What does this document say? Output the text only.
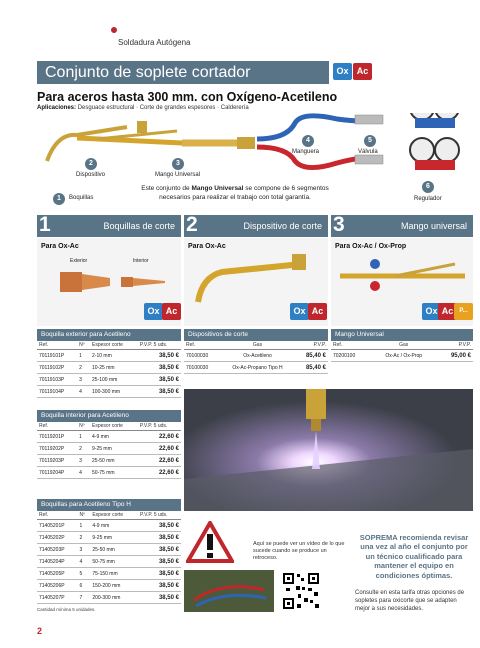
Soldadura Autógena
Conjunto de soplete cortador	Ox Ac
Para aceros hasta 300 mm. con Oxígeno-Acetileno
Aplicaciones: Desguace estructural · Corte de grandes espesores · Calderería
1	Boquillas
2
Dispositivo
3
Mango Universal
4
Manguera
5
Válvula
6
Regulador
Este conjunto de Mango Universal se compone de 6 segmentos necesarios para realizar el trabajo con total garantía.
1	Boquillas de corte 2	Dispositivo de corte 3	Mango universal
Para Ox-Ac
Exterior	Interior
Ox Ac
Para Ox-Ac
Ox Ac
Para Ox-Ac / Ox-Prop
Ox Ac	P...
Boquilla exterior para Acetileno
Ref.	Nº	Espesor corte	P.V.P. 5 uds.
70119101P	1	2-10 mm	38,50 €
70119102P	2	10-25 mm	38,50 €
70119103P	3	25-100 mm	38,50 €
70119104P	4	100-300 mm	38,50 €
Boquilla interior para Acetileno
Ref.	Nº	Espesor corte	P.V.P. 5 uds.
70119201P	1	4-9 mm	22,60 €
70119202P	2	9-25 mm	22,60 €
70119203P	3	25-50 mm	22,60 €
70119204P	4	50-75 mm	22,60 €
Boquillas para Acetileno Tipo H
Ref.	Nº	Espesor corte	P.V.P. 5 uds.
71405201P	1	4-9 mm	38,50 €
71405202P	2	9-25 mm	38,50 €
71405203P	3	25-50 mm	38,50 €
71405204P	4	50-75 mm	38,50 €
71405205P	5	75-150 mm	38,50 €
71405206P	6	150-200 mm	38,50 €
71405207P	7	200-300 mm	38,50 €
Cantidad mínima 5 unidades.
Dispositivos de corte
Ref.	Gas	P.V.P.
70100030	Ox-Acetileno	85,40 €
70100030	Ox-Ac-Propano Tipo H	85,40 €
Mango Universal
Ref.	Gas	P.V.P.
70200100	Ox-Ac / Ox-Prop	95,00 €
Aquí se puede ver un vídeo de lo que sucede cuando se produce un retroceso.
SOPREMA recomienda revisar una vez al año el conjunto por un técnico cualificado para mantener el equipo en condiciones óptimas.
Consulte en esta tarifa otras opciones de sopletes para oxicorte que se adapten mejor a sus necesidades.
2
